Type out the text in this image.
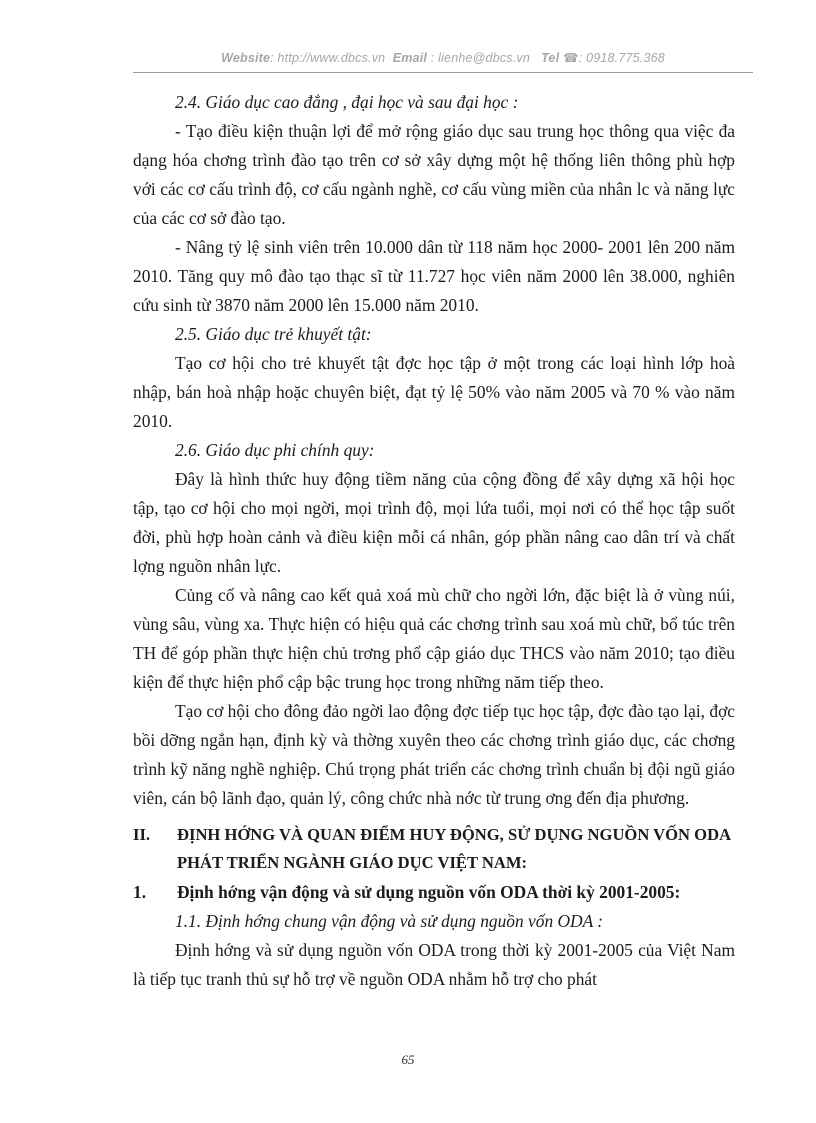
Website: http://www.dbcs.vn Email : lienhe@dbcs.vn Tel ☎: 0918.775.368

2.4. Giáo dục cao đẳng , đại học và sau đại học :

- Tạo điều kiện thuận lợi để mở rộng giáo dục sau trung học thông qua việc đa dạng hóa chơng trình đào tạo trên cơ sở xây dựng một hệ thống liên thông phù hợp với các cơ cấu trình độ, cơ cấu ngành nghề, cơ cấu vùng miền của nhân lc và năng lực của các cơ sở đào tạo.

- Nâng tỷ lệ sinh viên trên 10.000 dân từ 118 năm học 2000- 2001 lên 200 năm 2010. Tăng quy mô đào tạo thạc sĩ từ 11.727 học viên năm 2000 lên 38.000, nghiên cứu sinh từ 3870 năm 2000 lên 15.000 năm 2010.

2.5. Giáo dục trẻ khuyết tật:

Tạo cơ hội cho trẻ khuyết tật đợc học tập ở một trong các loại hình lớp hoà nhập, bán hoà nhập hoặc chuyên biệt, đạt tỷ lệ 50% vào năm 2005 và 70 % vào năm 2010.

2.6. Giáo dục phi chính quy:

Đây là hình thức huy động tiềm năng của cộng đồng để xây dựng xã hội học tập, tạo cơ hội cho mọi ngời, mọi trình độ, mọi lứa tuổi, mọi nơi có thể học tập suốt đời, phù hợp hoàn cảnh và điều kiện mỗi cá nhân, góp phần nâng cao dân trí và chất lợng nguồn nhân lực.

Củng cố và nâng cao kết quả xoá mù chữ cho ngời lớn, đặc biệt là ở vùng núi, vùng sâu, vùng xa. Thực hiện có hiệu quả các chơng trình sau xoá mù chữ, bổ túc trên TH để góp phần thực hiện chủ trơng phổ cập giáo dục THCS vào năm 2010; tạo điều kiện để thực hiện phổ cập bậc trung học trong những năm tiếp theo.

Tạo cơ hội cho đông đảo ngời lao động đợc tiếp tục học tập, đợc đào tạo lại, đợc bồi dỡng ngắn hạn, định kỳ và thờng xuyên theo các chơng trình giáo dục, các chơng trình kỹ năng nghề nghiệp. Chú trọng phát triển các chơng trình chuẩn bị đội ngũ giáo viên, cán bộ lãnh đạo, quản lý, công chức nhà nớc từ trung ơng đến địa phương.

II.	ĐỊNH HỚNG VÀ QUAN ĐIỂM HUY ĐỘNG, SỬ DỤNG NGUỒN VỐN ODA PHÁT TRIỂN NGÀNH GIÁO DỤC VIỆT NAM:
1.	Định hớng vận động và sử dụng nguồn vốn ODA thời kỳ 2001-2005:

1.1. Định hớng chung vận động và sử dụng nguồn vốn ODA :

Định hớng và sử dụng nguồn vốn ODA trong thời kỳ 2001-2005 của Việt Nam là tiếp tục tranh thủ sự hỗ trợ về nguồn ODA nhằm hỗ trợ cho phát

65
